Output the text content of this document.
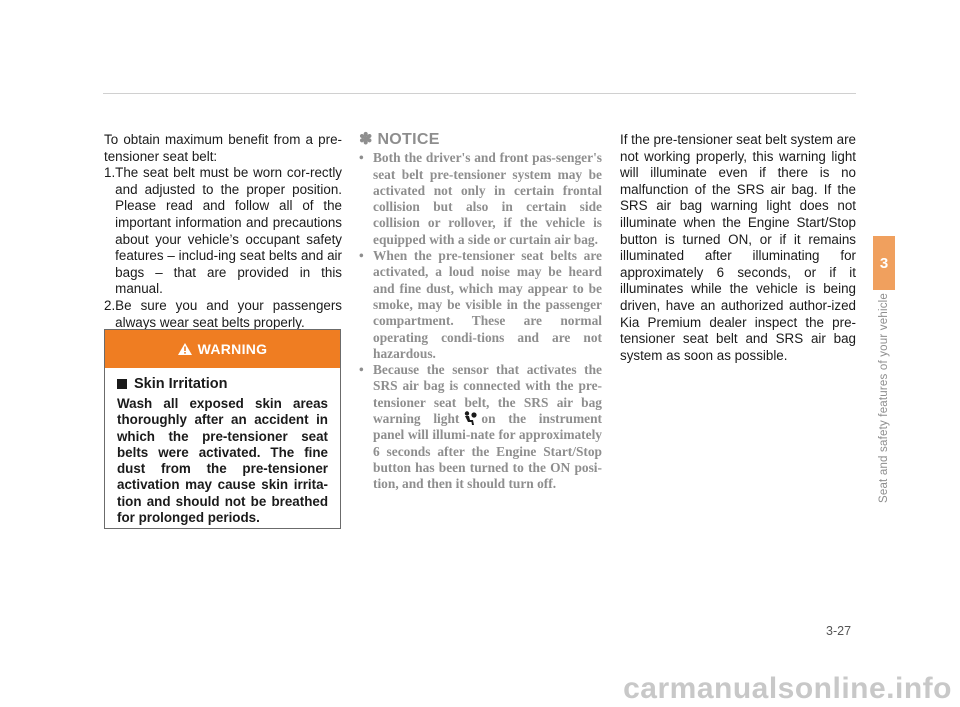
To obtain maximum benefit from a pre-tensioner seat belt:

1. The seat belt must be worn cor-rectly and adjusted to the proper position. Please read and follow all of the important information and precautions about your vehicle’s occupant safety features – includ-ing seat belts and air bags – that are provided in this manual.
2. Be sure you and your passengers always wear seat belts properly.
WARNING
Skin Irritation
Wash all exposed skin areas thoroughly after an accident in which the pre-tensioner seat belts were activated. The fine dust from the pre-tensioner activation may cause skin irrita-tion and should not be breathed for prolonged periods.
✽ NOTICE
• Both the driver's and front pas-senger's seat belt pre-tensioner system may be activated not only in certain frontal collision but also in certain side collision or rollover, if the vehicle is equipped with a side or curtain air bag.
• When the pre-tensioner seat belts are activated, a loud noise may be heard and fine dust, which may appear to be smoke, may be visible in the passenger compartment. These are normal operating condi-tions and are not hazardous.
• Because the sensor that activates the SRS air bag is connected with the pre-tensioner seat belt, the SRS air bag warning light on the instrument panel will illumi-nate for approximately 6 seconds after the Engine Start/Stop button has been turned to the ON posi-tion, and then it should turn off.

If the pre-tensioner seat belt system are not working properly, this warning light will illuminate even if there is no malfunction of the SRS air bag. If the SRS air bag warning light does not illuminate when the Engine Start/Stop button is turned ON, or if it remains illuminated after illuminating for approximately 6 seconds, or if it illuminates while the vehicle is being driven, have an authorized author-ized Kia Premium dealer inspect the pre-tensioner seat belt and SRS air bag system as soon as possible.

3
Seat and safety features of your vehicle
3-27
carmanualsonline.info
